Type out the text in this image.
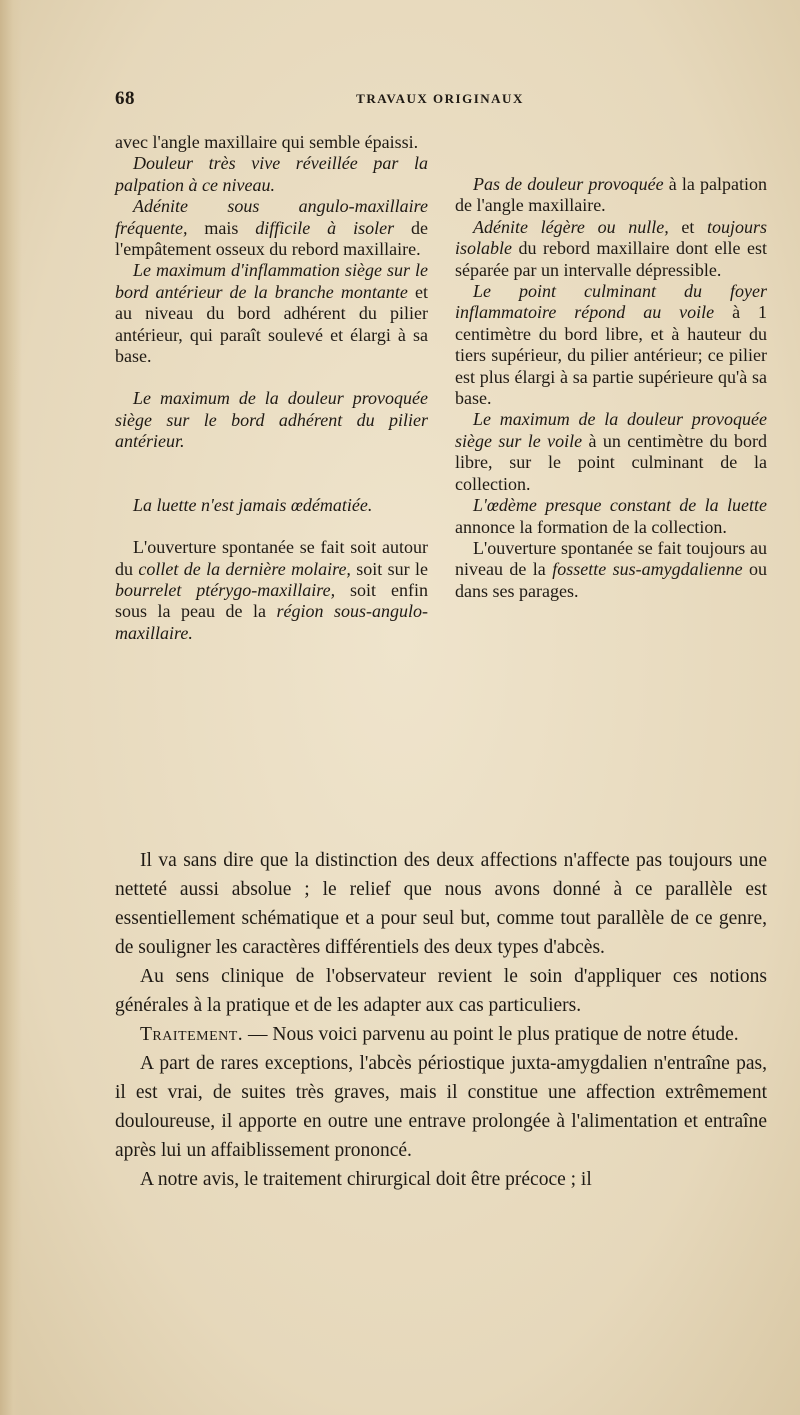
68	TRAVAUX ORIGINAUX

avec l'angle maxillaire qui semble épaissi.

Douleur très vive réveillée par la palpation à ce niveau.

Adénite sous angulo-maxillaire fréquente, mais difficile à isoler de l'empâtement osseux du rebord maxillaire.

Le maximum d'inflammation siège sur le bord antérieur de la branche montante et au niveau du bord adhérent du pilier antérieur, qui paraît soulevé et élargi à sa base.

Le maximum de la douleur provoquée siège sur le bord adhérent du pilier antérieur.

La luette n'est jamais œdématiée.

L'ouverture spontanée se fait soit autour du collet de la dernière molaire, soit sur le bourrelet ptérygo-maxillaire, soit enfin sous la peau de la région sous-angulo-maxillaire.

Pas de douleur provoquée à la palpation de l'angle maxillaire.

Adénite légère ou nulle, et toujours isolable du rebord maxillaire dont elle est séparée par un intervalle dépressible.

Le point culminant du foyer inflammatoire répond au voile à 1 centimètre du bord libre, et à hauteur du tiers supérieur, du pilier antérieur; ce pilier est plus élargi à sa partie supérieure qu'à sa base.

Le maximum de la douleur provoquée siège sur le voile à un centimètre du bord libre, sur le point culminant de la collection.

L'œdème presque constant de la luette annonce la formation de la collection.

L'ouverture spontanée se fait toujours au niveau de la fossette sus-amygdalienne ou dans ses parages.

Il va sans dire que la distinction des deux affections n'affecte pas toujours une netteté aussi absolue ; le relief que nous avons donné à ce parallèle est essentiellement schématique et a pour seul but, comme tout parallèle de ce genre, de souligner les caractères différentiels des deux types d'abcès.

Au sens clinique de l'observateur revient le soin d'appliquer ces notions générales à la pratique et de les adapter aux cas particuliers.

Traitement. — Nous voici parvenu au point le plus pratique de notre étude.

A part de rares exceptions, l'abcès périostique juxta-amygdalien n'entraîne pas, il est vrai, de suites très graves, mais il constitue une affection extrêmement douloureuse, il apporte en outre une entrave prolongée à l'alimentation et entraîne après lui un affaiblissement prononcé.

A notre avis, le traitement chirurgical doit être précoce ; il
